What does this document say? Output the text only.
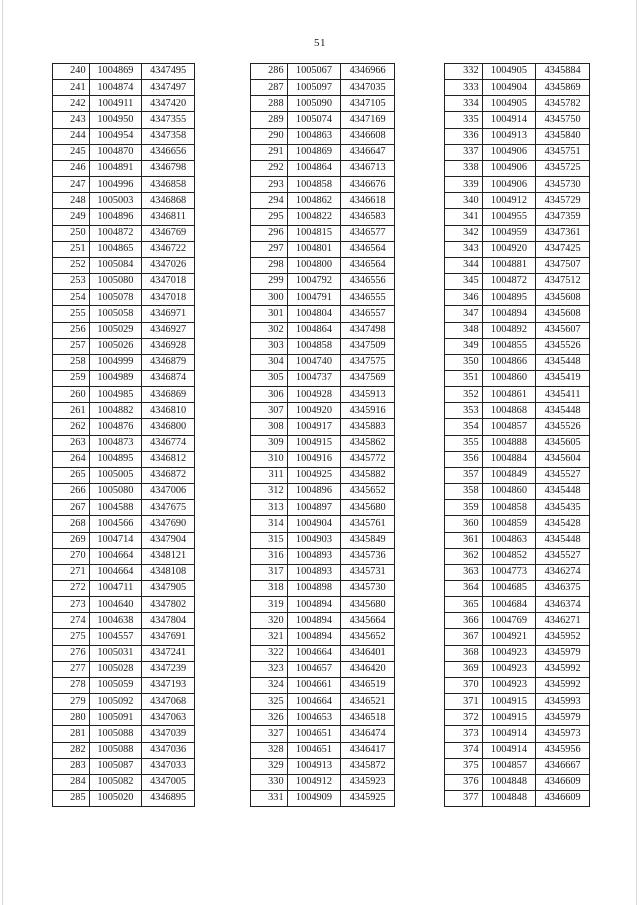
51
240	1004869	4347495
241	1004874	4347497
242	1004911	4347420
243	1004950	4347355
244	1004954	4347358
245	1004870	4346656
246	1004891	4346798
247	1004996	4346858
248	1005003	4346868
249	1004896	4346811
250	1004872	4346769
251	1004865	4346722
252	1005084	4347026
253	1005080	4347018
254	1005078	4347018
255	1005058	4346971
256	1005029	4346927
257	1005026	4346928
258	1004999	4346879
259	1004989	4346874
260	1004985	4346869
261	1004882	4346810
262	1004876	4346800
263	1004873	4346774
264	1004895	4346812
265	1005005	4346872
266	1005080	4347006
267	1004588	4347675
268	1004566	4347690
269	1004714	4347904
270	1004664	4348121
271	1004664	4348108
272	1004711	4347905
273	1004640	4347802
274	1004638	4347804
275	1004557	4347691
276	1005031	4347241
277	1005028	4347239
278	1005059	4347193
279	1005092	4347068
280	1005091	4347063
281	1005088	4347039
282	1005088	4347036
283	1005087	4347033
284	1005082	4347005
285	1005020	4346895
286	1005067	4346966
287	1005097	4347035
288	1005090	4347105
289	1005074	4347169
290	1004863	4346608
291	1004869	4346647
292	1004864	4346713
293	1004858	4346676
294	1004862	4346618
295	1004822	4346583
296	1004815	4346577
297	1004801	4346564
298	1004800	4346564
299	1004792	4346556
300	1004791	4346555
301	1004804	4346557
302	1004864	4347498
303	1004858	4347509
304	1004740	4347575
305	1004737	4347569
306	1004928	4345913
307	1004920	4345916
308	1004917	4345883
309	1004915	4345862
310	1004916	4345772
311	1004925	4345882
312	1004896	4345652
313	1004897	4345680
314	1004904	4345761
315	1004903	4345849
316	1004893	4345736
317	1004893	4345731
318	1004898	4345730
319	1004894	4345680
320	1004894	4345664
321	1004894	4345652
322	1004664	4346401
323	1004657	4346420
324	1004661	4346519
325	1004664	4346521
326	1004653	4346518
327	1004651	4346474
328	1004651	4346417
329	1004913	4345872
330	1004912	4345923
331	1004909	4345925
332	1004905	4345884
333	1004904	4345869
334	1004905	4345782
335	1004914	4345750
336	1004913	4345840
337	1004906	4345751
338	1004906	4345725
339	1004906	4345730
340	1004912	4345729
341	1004955	4347359
342	1004959	4347361
343	1004920	4347425
344	1004881	4347507
345	1004872	4347512
346	1004895	4345608
347	1004894	4345608
348	1004892	4345607
349	1004855	4345526
350	1004866	4345448
351	1004860	4345419
352	1004861	4345411
353	1004868	4345448
354	1004857	4345526
355	1004888	4345605
356	1004884	4345604
357	1004849	4345527
358	1004860	4345448
359	1004858	4345435
360	1004859	4345428
361	1004863	4345448
362	1004852	4345527
363	1004773	4346274
364	1004685	4346375
365	1004684	4346374
366	1004769	4346271
367	1004921	4345952
368	1004923	4345979
369	1004923	4345992
370	1004923	4345992
371	1004915	4345993
372	1004915	4345979
373	1004914	4345973
374	1004914	4345956
375	1004857	4346667
376	1004848	4346609
377	1004848	4346609
